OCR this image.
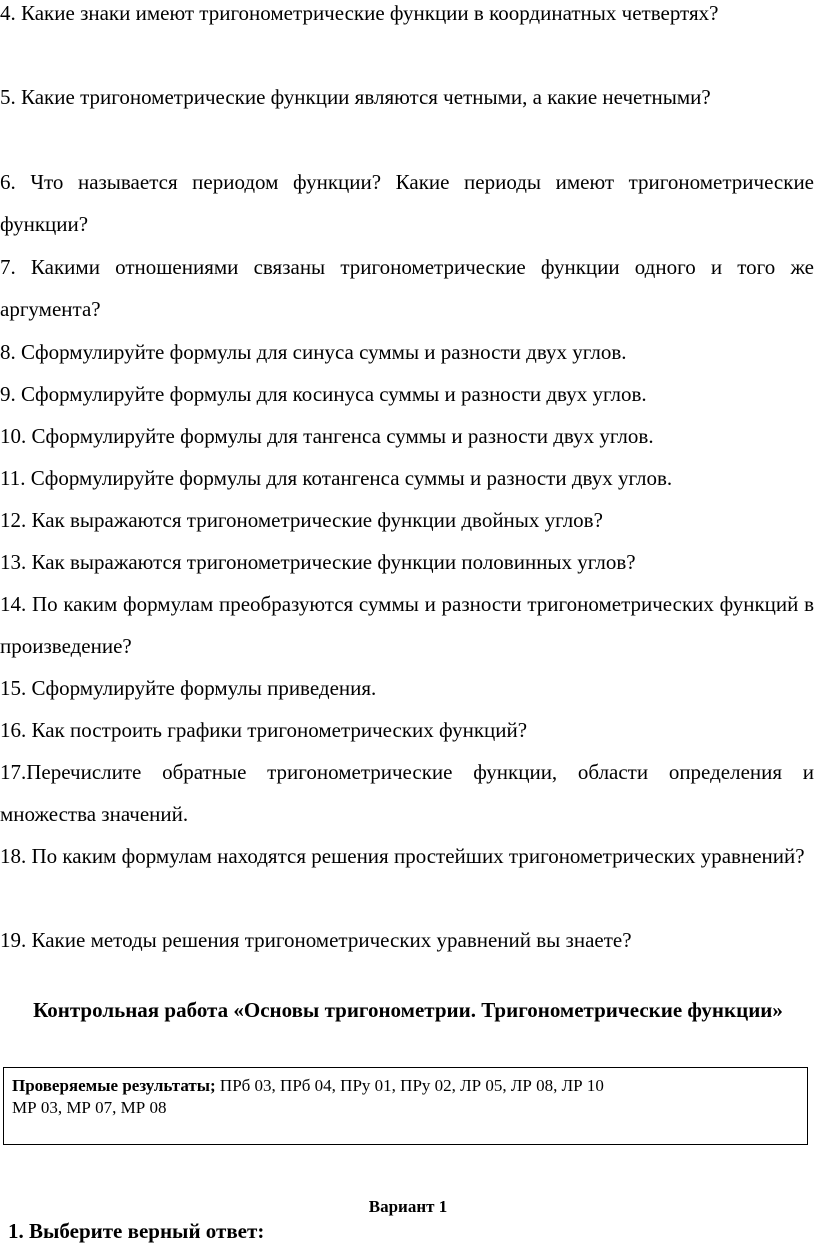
4. Какие знаки имеют тригонометрические функции в координатных четвертях?

5. Какие тригонометрические функции являются четными, а какие нечетными?

6. Что называется периодом функции? Какие периоды имеют тригонометрические функции?

7. Какими отношениями связаны тригонометрические функции одного и того же аргумента?

8. Сформулируйте формулы для синуса суммы и разности двух углов.

9. Сформулируйте формулы для косинуса суммы и разности двух углов.

10. Сформулируйте формулы для тангенса суммы и разности двух углов.

11. Сформулируйте формулы для котангенса суммы и разности двух углов.

12. Как выражаются тригонометрические функции двойных углов?

13. Как выражаются тригонометрические функции половинных углов?

14. По каким формулам преобразуются суммы и разности тригонометрических функций в произведение?

15. Сформулируйте формулы приведения.

16. Как построить графики тригонометрических функций?

17.Перечислите обратные тригонометрические функции, области определения и множества значений.

18. По каким формулам находятся решения простейших тригонометрических уравнений?

19. Какие методы решения тригонометрических уравнений вы знаете?

Контрольная работа «Основы тригонометрии. Тригонометрические функции»
Проверяемые результаты; ПРб 03, ПРб 04, ПРу 01, ПРу 02, ЛР 05, ЛР 08, ЛР 10
МР 03, МР 07, МР 08
Вариант 1
1. Выберите верный ответ:
